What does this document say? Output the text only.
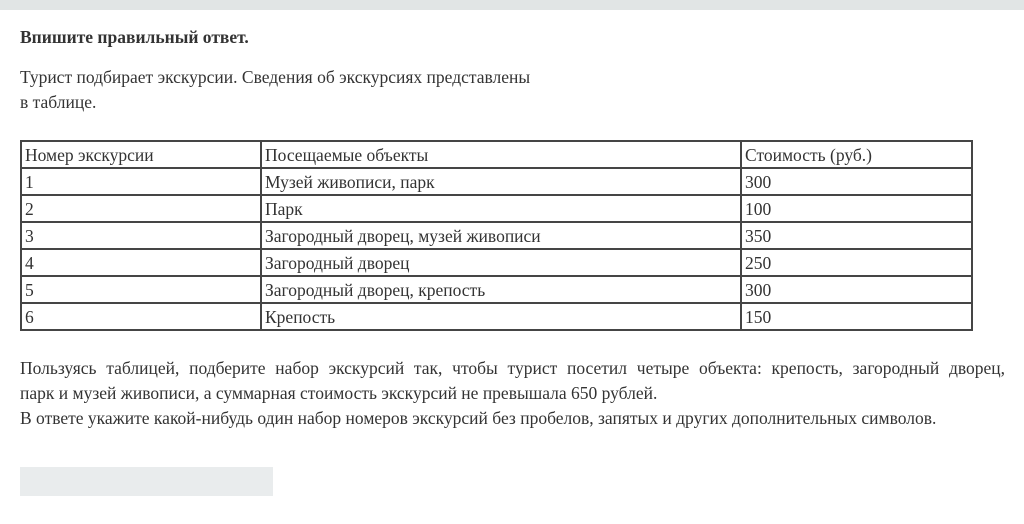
Впишите правильный ответ.
Турист подбирает экскурсии. Сведения об экскурсиях представлены
в таблице.
Номер экскурсии	Посещаемые объекты	Стоимость (руб.)
1	Музей живописи, парк	300
2	Парк	100
3	Загородный дворец, музей живописи	350
4	Загородный дворец	250
5	Загородный дворец, крепость	300
6	Крепость	150
Пользуясь таблицей, подберите набор экскурсий так, чтобы турист посетил четыре объекта: крепость, загородный дворец,
парк и музей живописи, а суммарная стоимость экскурсий не превышала 650 рублей.
В ответе укажите какой-нибудь один набор номеров экскурсий без пробелов, запятых и других дополнительных символов.
